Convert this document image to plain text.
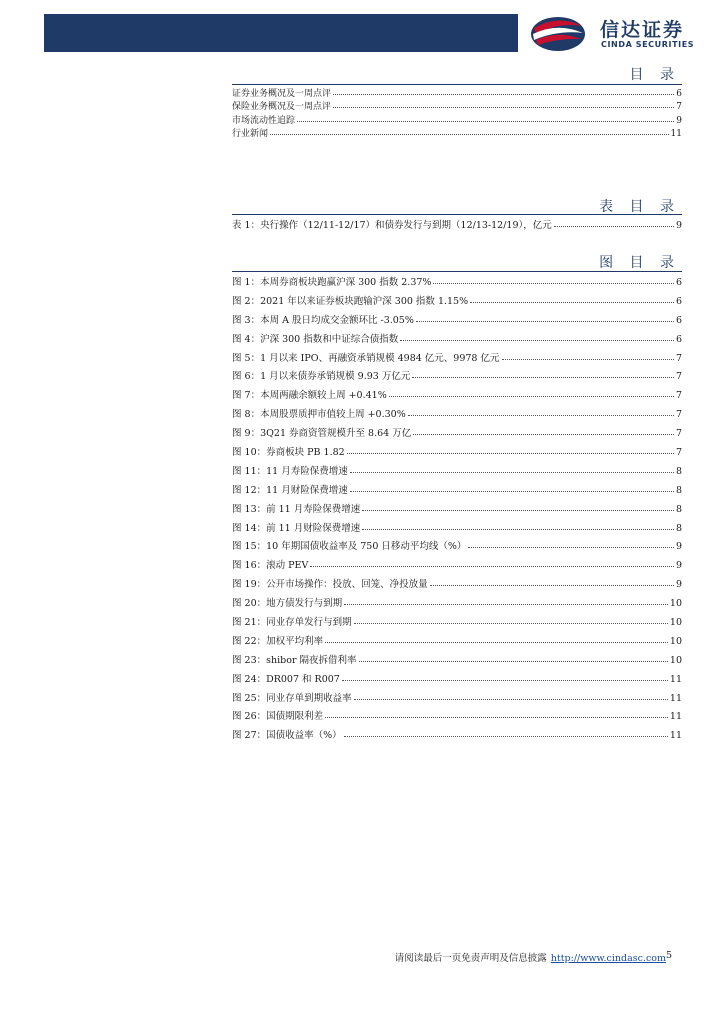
信达证券
CINDA SECURITIES
目 录
证券业务概况及一周点评	6
保险业务概况及一周点评	7
市场流动性追踪	9
行业新闻	11
表 目 录
表 1：央行操作（12/11-12/17）和债券发行与到期（12/13-12/19），亿元	9
图 目 录
图 1：本周券商板块跑赢沪深 300 指数 2.37%	6
图 2：2021 年以来证券板块跑输沪深 300 指数 1.15%	6
图 3：本周 A 股日均成交金额环比 -3.05%	6
图 4：沪深 300 指数和中证综合债指数	6
图 5：1 月以来 IPO、再融资承销规模 4984 亿元、9978 亿元	7
图 6：1 月以来债券承销规模 9.93 万亿元	7
图 7：本周两融余额较上周 +0.41%	7
图 8：本周股票质押市值较上周 +0.30%	7
图 9：3Q21 券商资管规模升至 8.64 万亿	7
图 10：券商板块 PB 1.82	7
图 11：11 月寿险保费增速	8
图 12：11 月财险保费增速	8
图 13：前 11 月寿险保费增速	8
图 14：前 11 月财险保费增速	8
图 15：10 年期国债收益率及 750 日移动平均线（%）	9
图 16：滚动 PEV	9
图 19：公开市场操作：投放、回笼、净投放量	9
图 20：地方债发行与到期	10
图 21：同业存单发行与到期	10
图 22：加权平均利率	10
图 23：shibor 隔夜拆借利率	10
图 24：DR007 和 R007	11
图 25：同业存单到期收益率	11
图 26：国债期限利差	11
图 27：国债收益率（%）	11
请阅读最后一页免责声明及信息披露 http://www.cindasc.com 5
